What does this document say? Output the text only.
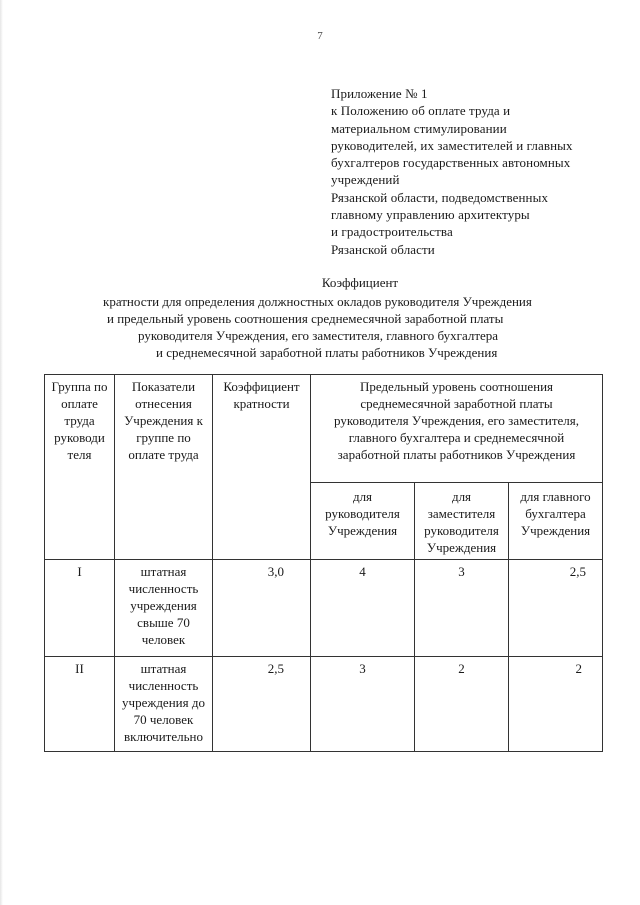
7
Приложение № 1
к Положению об оплате труда и
материальном стимулировании
руководителей, их заместителей и главных
бухгалтеров государственных автономных
учреждений
Рязанской области, подведомственных
главному управлению архитектуры
и градостроительства
Рязанской области
Коэффициент
кратности для определения должностных окладов руководителя Учреждения
и предельный уровень соотношения среднемесячной заработной платы
руководителя Учреждения, его заместителя, главного бухгалтера
и среднемесячной заработной платы работников Учреждения
Группа по оплате труда руководи теля	Показатели отнесения Учреждения к группе по оплате труда	Коэффициент кратности	Предельный уровень соотношения среднемесячной заработной платы руководителя Учреждения, его заместителя, главного бухгалтера и среднемесячной заработной платы работников Учреждения		
			для руководителя Учреждения	для заместителя руководителя Учреждения	для главного бухгалтера Учреждения
I	штатная численность учреждения свыше 70 человек	3,0	4	3	2,5
II	штатная численность учреждения до 70 человек включительно	2,5	3	2	2
